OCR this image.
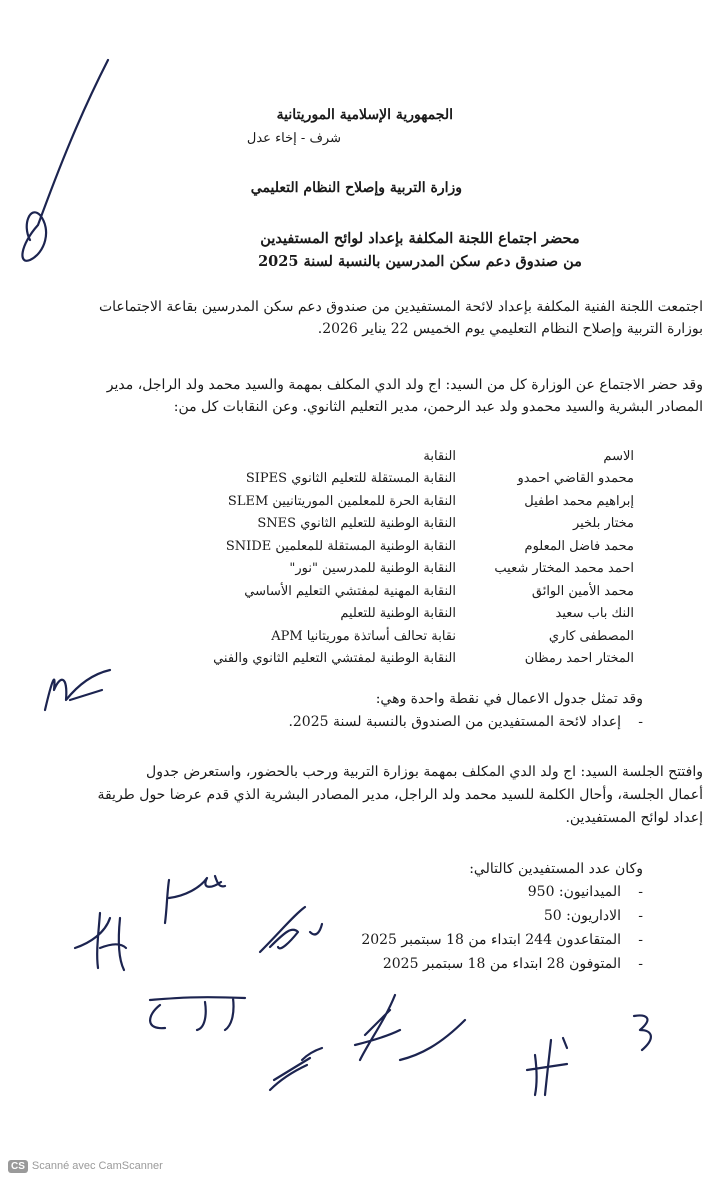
الجمهورية الإسلامية الموريتانية
شرف - إخاء عدل
وزارة التربية وإصلاح النظام التعليمي
محضر اجتماع اللجنة المكلفة بإعداد لوائح المستفيدين
من صندوق دعم سكن المدرسين بالنسبة لسنة 2025
اجتمعت اللجنة الفنية المكلفة بإعداد لائحة المستفيدين من صندوق دعم سكن المدرسين بقاعة الاجتماعات
بوزارة التربية وإصلاح النظام التعليمي يوم الخميس 22 يناير 2026.
وقد حضر الاجتماع عن الوزارة كل من السيد: اج ولد الدي المكلف بمهمة والسيد محمد ولد الراجل، مدير
المصادر البشرية والسيد محمدو ولد عبد الرحمن، مدير التعليم الثانوي. وعن النقابات كل من:
الاسم	النقابة
محمدو القاضي احمدو	النقابة المستقلة للتعليم الثانوي SIPES
إبراهيم محمد اطفيل	النقابة الحرة للمعلمين الموريتانيين SLEM
مختار بلخير	النقابة الوطنية للتعليم الثانوي SNES
محمد فاضل المعلوم	النقابة الوطنية المستقلة للمعلمين SNIDE
احمد محمد المختار شعيب	النقابة الوطنية للمدرسين "نور"
محمد الأمين الوائق	النقابة المهنية لمفتشي التعليم الأساسي
النك باب سعيد	النقابة الوطنية للتعليم
المصطفى كاري	نقابة تحالف أساتذة موريتانيا APM
المختار احمد رمظان	النقابة الوطنية لمفتشي التعليم الثانوي والفني
وقد تمثل جدول الاعمال في نقطة واحدة وهي:
- إعداد لائحة المستفيدين من الصندوق بالنسبة لسنة 2025.
وافتتح الجلسة السيد: اج ولد الدي المكلف بمهمة بوزارة التربية ورحب بالحضور، واستعرض جدول
أعمال الجلسة، وأحال الكلمة للسيد محمد ولد الراجل، مدير المصادر البشرية الذي قدم عرضا حول طريقة
إعداد لوائح المستفيدين.
وكان عدد المستفيدين كالتالي:
- الميدانيون: 950
- الاداريون: 50
- المتقاعدون 244 ابتداء من 18 سبتمبر 2025
- المتوفون 28 ابتداء من 18 سبتمبر 2025
CS Scanné avec CamScanner
